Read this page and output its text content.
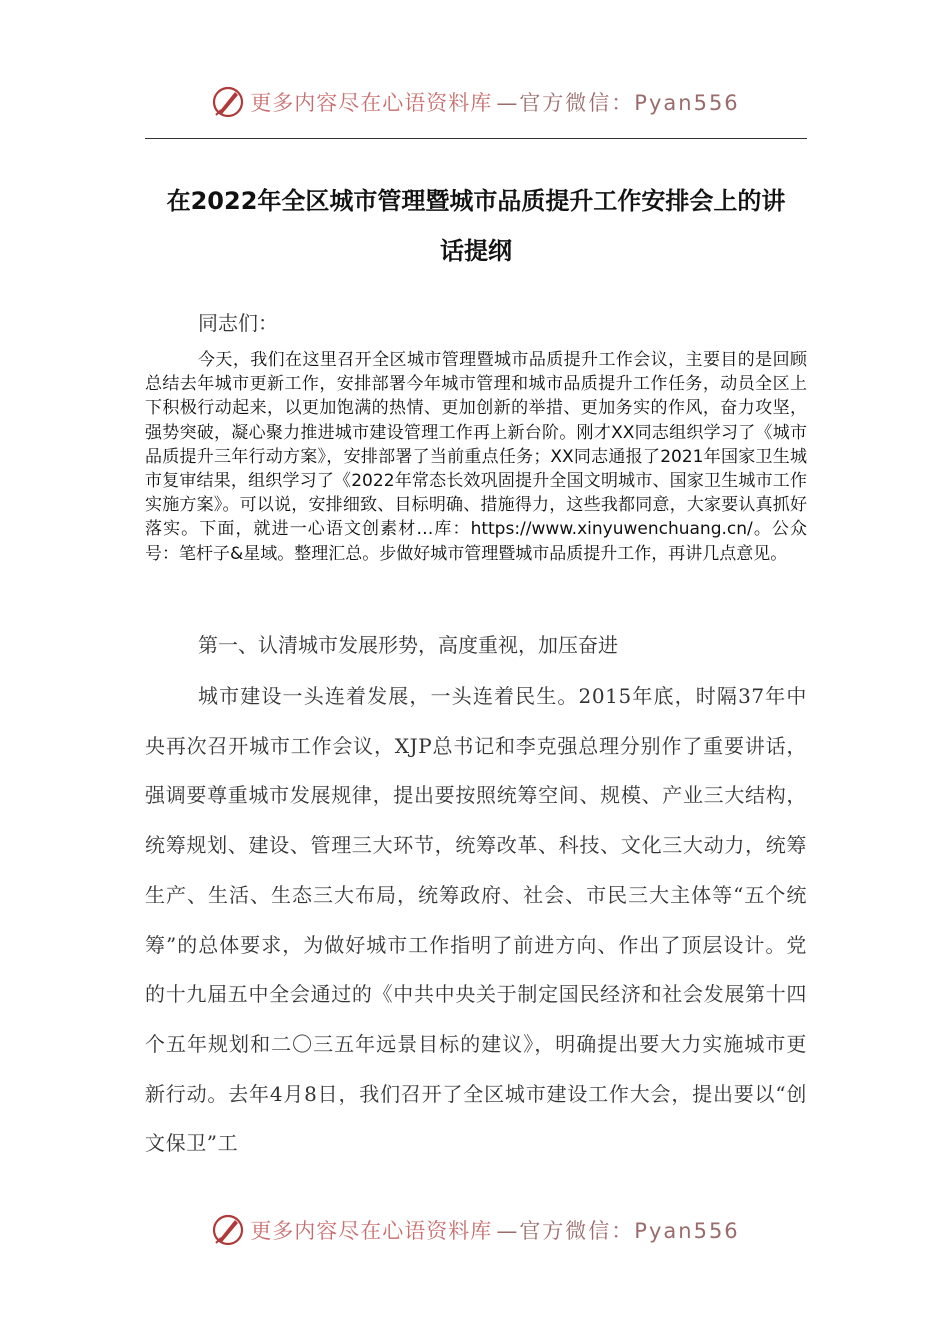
更多内容尽在心语资料库 —官方微信：Pyan556
在2022年全区城市管理暨城市品质提升工作安排会上的讲
话提纲
同志们：

今天，我们在这里召开全区城市管理暨城市品质提升工作会议，主要目的是回顾总结去年城市更新工作，安排部署今年城市管理和城市品质提升工作任务，动员全区上下积极行动起来，以更加饱满的热情、更加创新的举措、更加务实的作风，奋力攻坚，强势突破，凝心聚力推进城市建设管理工作再上新台阶。刚才XX同志组织学习了《城市品质提升三年行动方案》，安排部署了当前重点任务；XX同志通报了2021年国家卫生城市复审结果，组织学习了《2022年常态长效巩固提升全国文明城市、国家卫生城市工作实施方案》。可以说，安排细致、目标明确、措施得力，这些我都同意，大家要认真抓好落实。下面，就进一心语文创素材…库：https://www.xinyuwenchuang.cn/。公众号：笔杆子&星域。整理汇总。步做好城市管理暨城市品质提升工作，再讲几点意见。

第一、认清城市发展形势，高度重视，加压奋进

城市建设一头连着发展，一头连着民生。2015年底，时隔37年中央再次召开城市工作会议，XJP总书记和李克强总理分别作了重要讲话，强调要尊重城市发展规律，提出要按照统筹空间、规模、产业三大结构，统筹规划、建设、管理三大环节，统筹改革、科技、文化三大动力，统筹生产、生活、生态三大布局，统筹政府、社会、市民三大主体等“五个统筹”的总体要求，为做好城市工作指明了前进方向、作出了顶层设计。党的十九届五中全会通过的《中共中央关于制定国民经济和社会发展第十四个五年规划和二〇三五年远景目标的建议》，明确提出要大力实施城市更新行动。去年4月8日，我们召开了全区城市建设工作大会，提出要以“创文保卫”工

更多内容尽在心语资料库 —官方微信：Pyan556
